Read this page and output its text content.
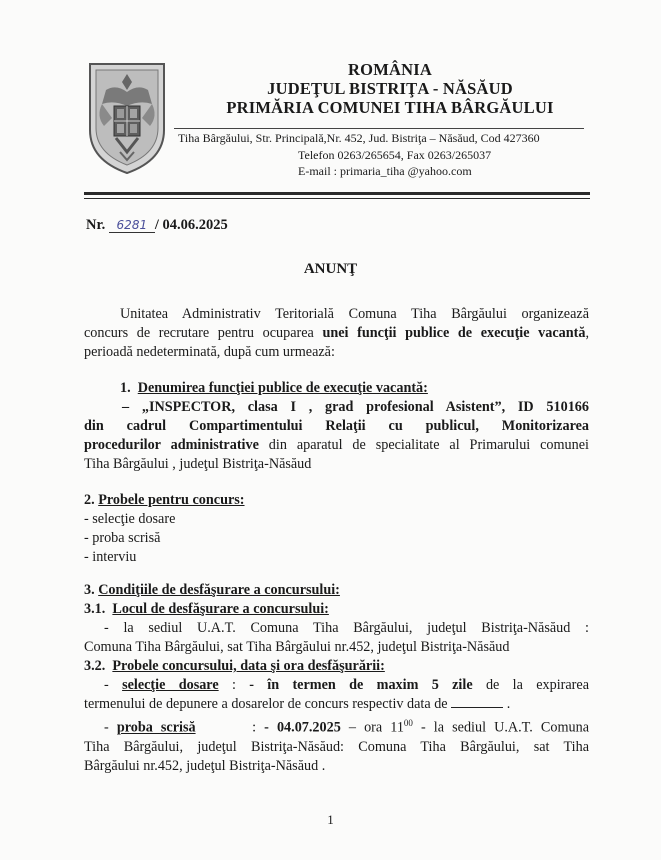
ROMÂNIA
JUDEŢUL BISTRIŢA - NĂSĂUD
PRIMĂRIA COMUNEI TIHA BÂRGĂULUI
Tiha Bârgăului, Str. Principală,Nr. 452, Jud. Bistriţa – Năsăud, Cod 427360
Telefon 0263/265654, Fax 0263/265037
E-mail : primaria_tiha @yahoo.com
Nr. 6281 / 04.06.2025
ANUNŢ
Unitatea Administrativ Teritorială Comuna Tiha Bârgăului organizează
concurs de recrutare pentru ocuparea unei funcţii publice de execuţie vacantă,
perioadă nedeterminată, după cum urmează:
1. Denumirea funcţiei publice de execuţie vacantă:
– „INSPECTOR, clasa I , grad profesional Asistent”, ID 510166
din cadrul Compartimentului Relaţii cu publicul, Monitorizarea
procedurilor administrative din aparatul de specialitate al Primarului comunei
Tiha Bârgăului , judeţul Bistriţa-Năsăud
2. Probele pentru concurs:
- selecţie dosare
- proba scrisă
- interviu
3. Condiţiile de desfăşurare a concursului:
3.1. Locul de desfăşurare a concursului:
- la sediul U.A.T. Comuna Tiha Bârgăului, judeţul Bistriţa-Năsăud :
Comuna Tiha Bârgăului, sat Tiha Bârgăului nr.452, judeţul Bistriţa-Năsăud
3.2. Probele concursului, data şi ora desfăşurării:
- selecţie dosare : - în termen de maxim 5 zile de la expirarea
termenului de depunere a dosarelor de concurs respectiv data de	.
- proba scrisă       : - 04.07.2025 – ora $11^{00}$ - la sediul U.A.T. Comuna
Tiha Bârgăului, judeţul Bistriţa-Năsăud: Comuna Tiha Bârgăului, sat Tiha
Bârgăului nr.452, judeţul Bistriţa-Năsăud .
1
